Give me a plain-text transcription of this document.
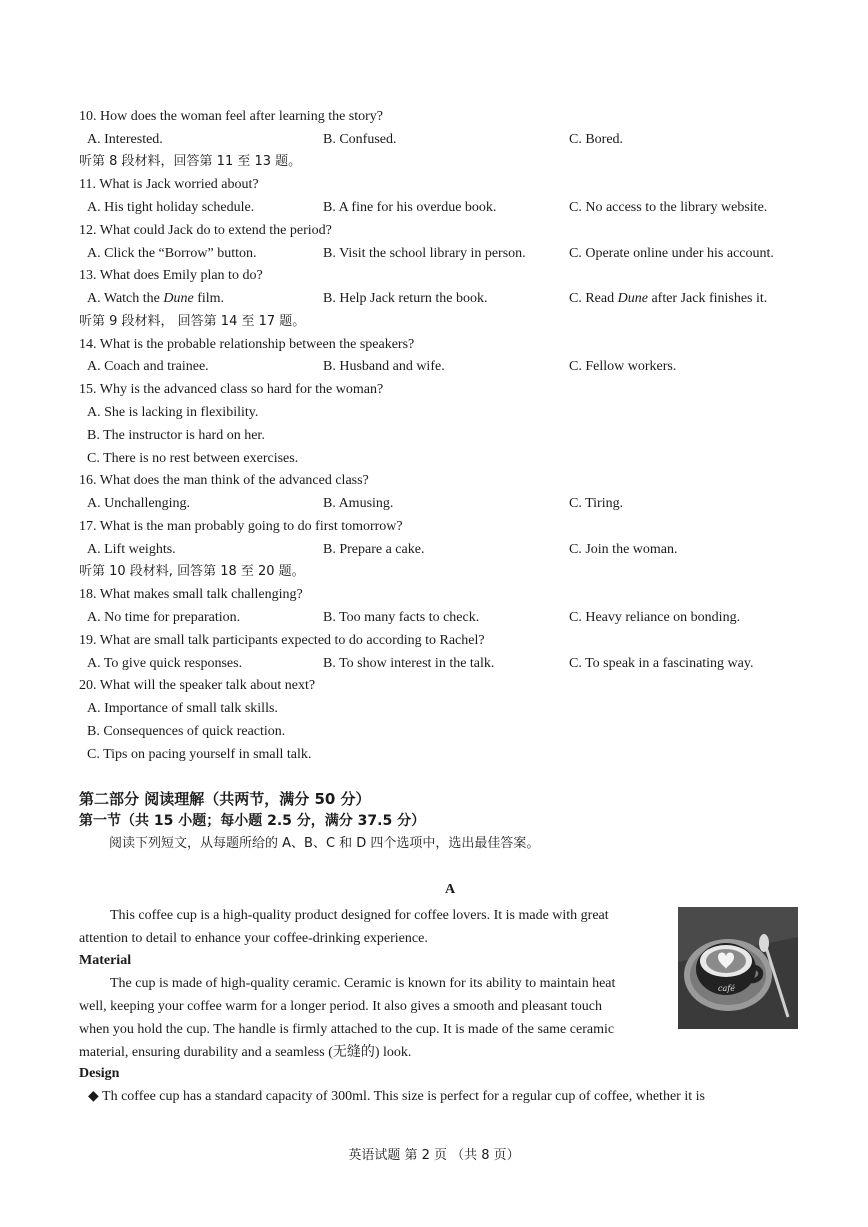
10. How does the woman feel after learning the story?
A. Interested.	B. Confused.	C. Bored.
听第 8 段材料，回答第 11 至 13 题。
11. What is Jack worried about?
A. His tight holiday schedule.	B. A fine for his overdue book.	C. No access to the library website.
12. What could Jack do to extend the period?
A. Click the “Borrow” button.	B. Visit the school library in person.	C. Operate online under his account.
13. What does Emily plan to do?
A. Watch the Dune film.	B. Help Jack return the book.	C. Read Dune after Jack finishes it.
听第 9 段材料， 回答第 14 至 17 题。
14. What is the probable relationship between the speakers?
A. Coach and trainee.	B. Husband and wife.	C. Fellow workers.
15. Why is the advanced class so hard for the woman?
A. She is lacking in flexibility.
B. The instructor is hard on her.
C. There is no rest between exercises.
16. What does the man think of the advanced class?
A. Unchallenging.	B. Amusing.	C. Tiring.
17. What is the man probably going to do first tomorrow?
A. Lift weights.	B. Prepare a cake.	C. Join the woman.
听第 10 段材料, 回答第 18 至 20 题。
18. What makes small talk challenging?
A. No time for preparation.	B. Too many facts to check.	C. Heavy reliance on bonding.
19. What are small talk participants expected to do according to Rachel?
A. To give quick responses.	B. To show interest in the talk.	C. To speak in a fascinating way.
20. What will the speaker talk about next?
A. Importance of small talk skills.
B. Consequences of quick reaction.
C. Tips on pacing yourself in small talk.
第二部分 阅读理解（共两节，满分 50 分）
第一节（共 15 小题；每小题 2.5 分，满分 37.5 分）
阅读下列短文，从每题所给的 A、B、C 和 D 四个选项中，选出最佳答案。
A
This coffee cup is a high-quality product designed for coffee lovers. It is made with great
attention to detail to enhance your coffee-drinking experience.
Material
The cup is made of high-quality ceramic. Ceramic is known for its ability to maintain heat
well, keeping your coffee warm for a longer period. It also gives a smooth and pleasant touch
when you hold the cup. The handle is firmly attached to the cup. It is made of the same ceramic
material, ensuring durability and a seamless (无缝的) look.
Design
◆ Th coffee cup has a standard capacity of 300ml. This size is perfect for a regular cup of coffee, whether it is
café
英语试题 第 2 页 （共 8 页）
